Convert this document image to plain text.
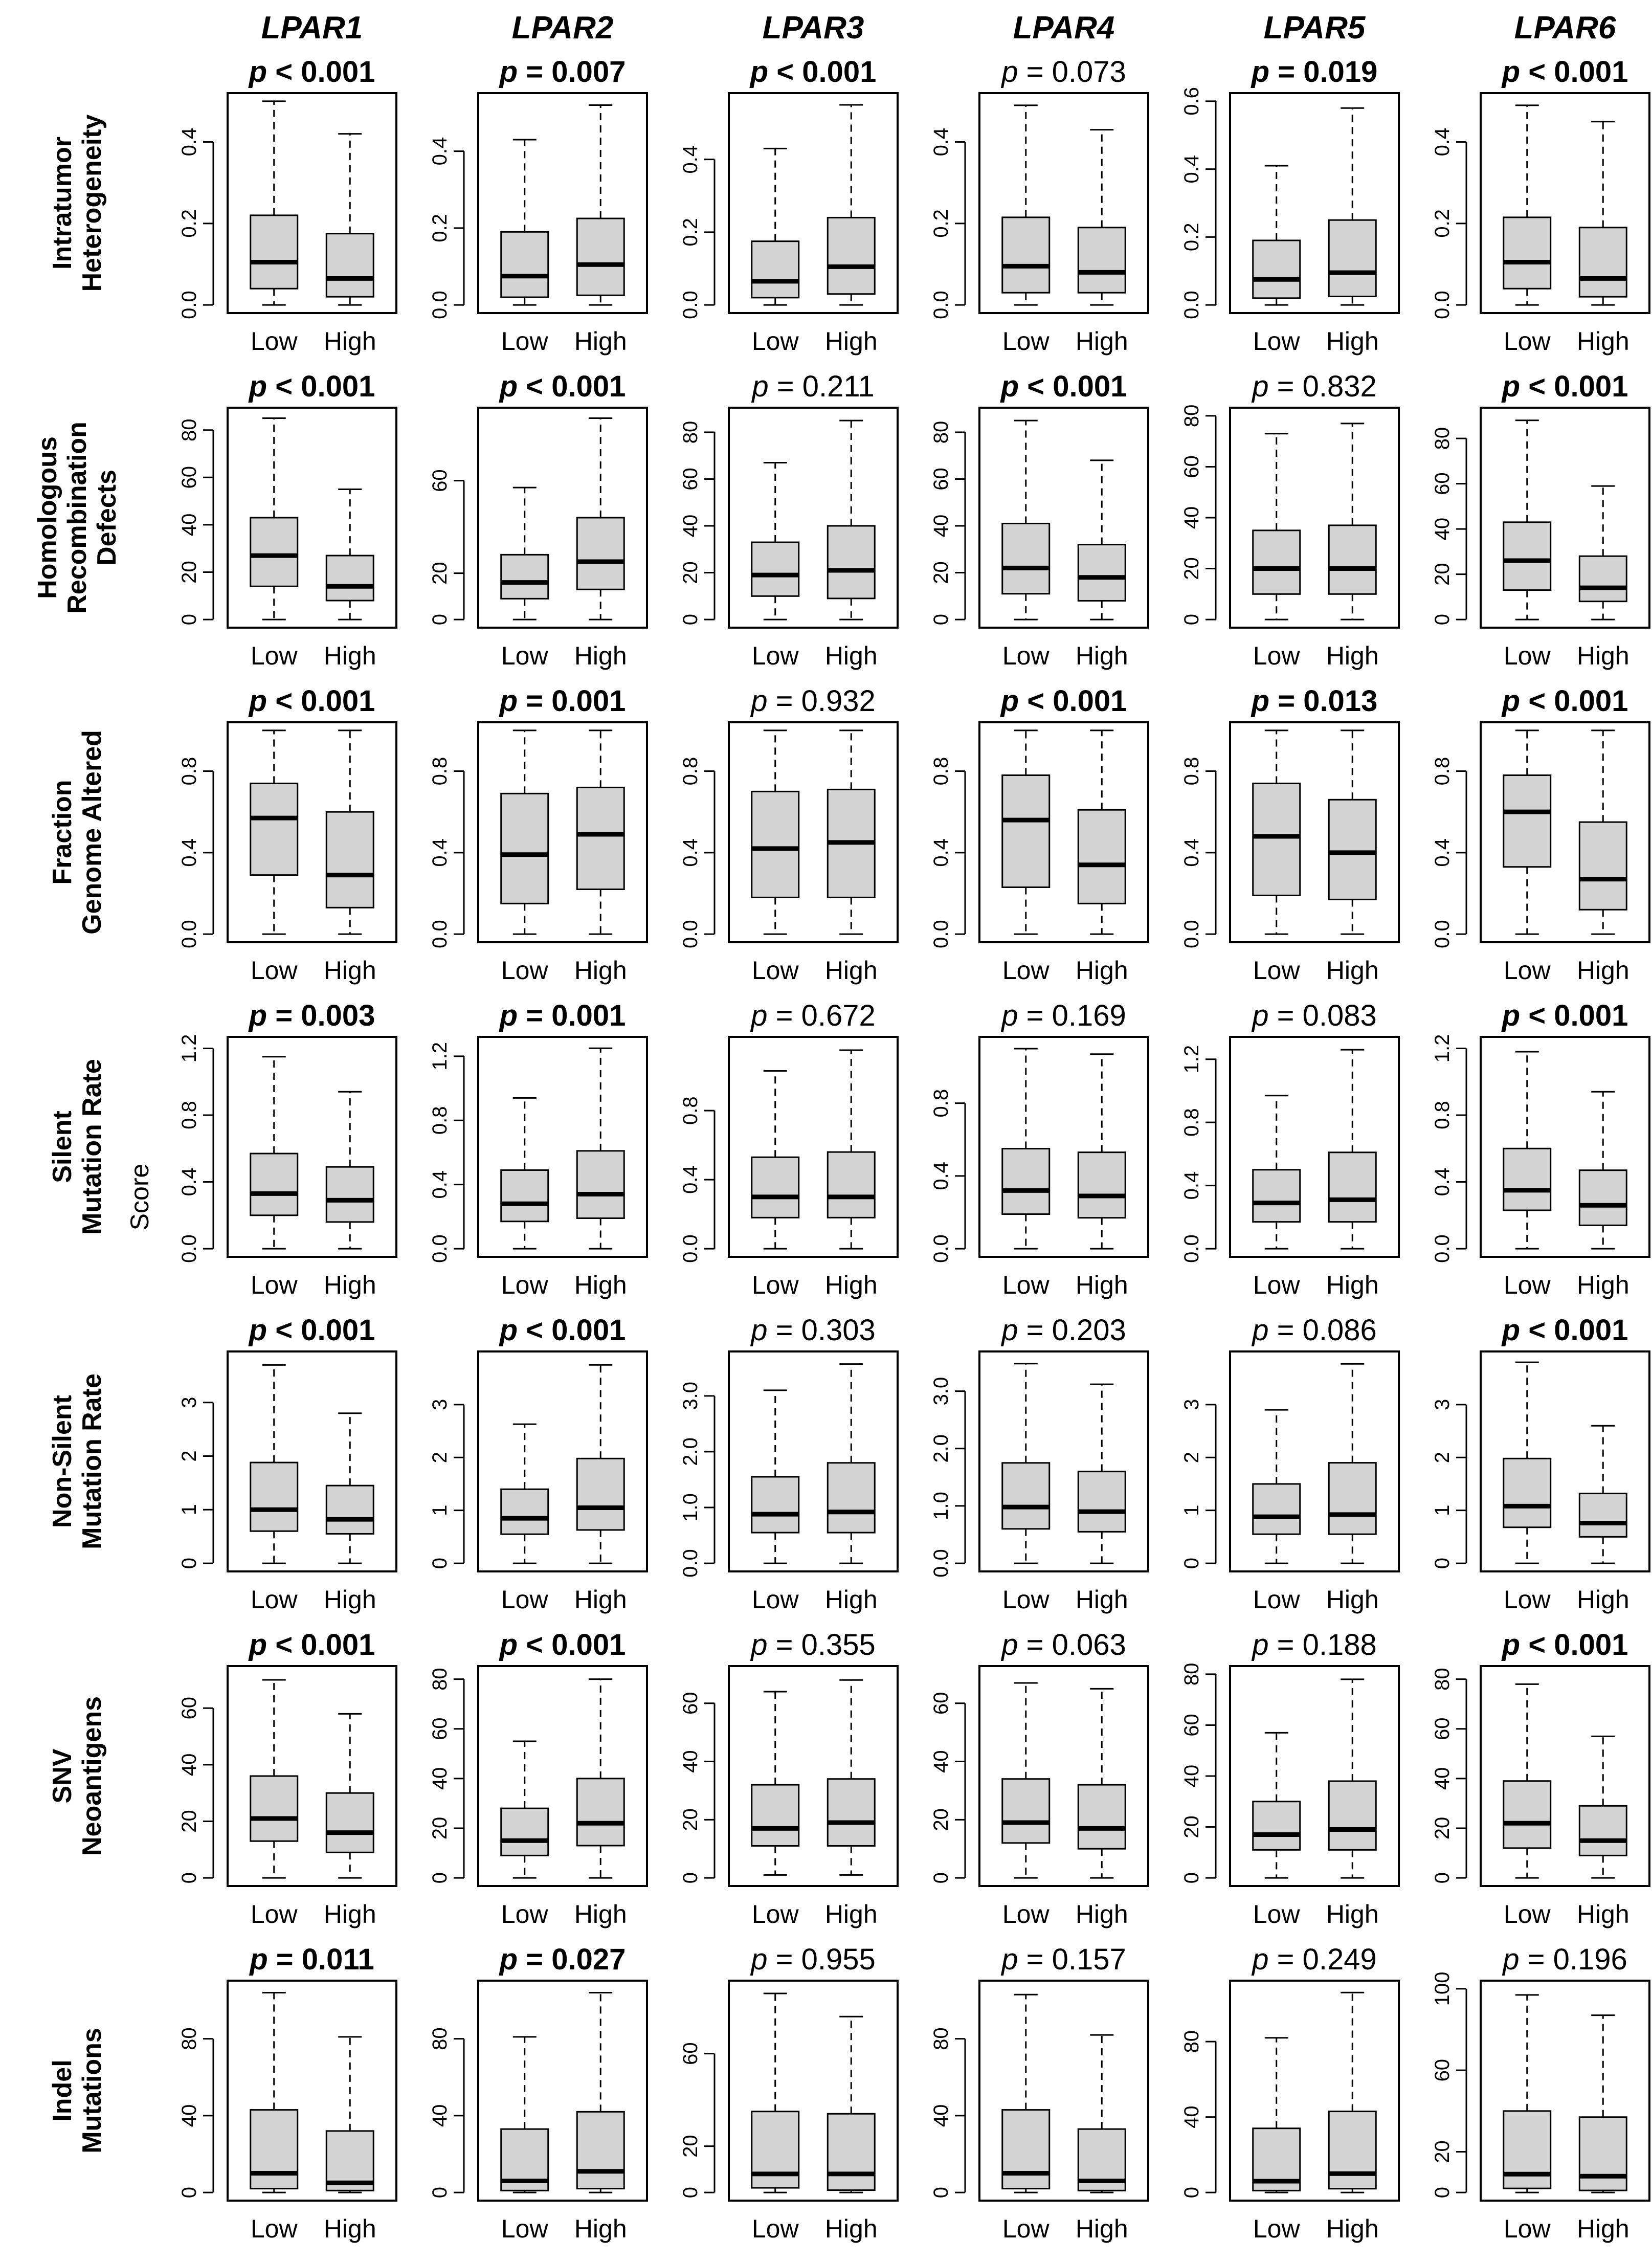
LPAR1	LPAR2	LPAR3	LPAR4	LPAR5	LPAR6
Intratumor Heterogeneity
Homologous Recombination Defects
Fraction Genome Altered
Silent Mutation Rate
Non-Silent Mutation Rate
SNV Neoantigens
Indel Mutations
Score
p < 0.001
0.0
0.2
0.4
Low High
p = 0.007
0.0
0.2
0.4
Low High
p < 0.001
0.0
0.2
0.4
Low High
p = 0.073
0.0
0.2
0.4
Low High
p = 0.019
0.0
0.2
0.4
0.6
Low High
p < 0.001
0.0
0.2
0.4
Low High
p < 0.001
0
20
40
60
80
Low High
p < 0.001
0
20
60
Low High
p = 0.211
0
20
40
60
80
Low High
p < 0.001
0
20
40
60
80
Low High
p = 0.832
0
20
40
60
80
Low High
p < 0.001
0
20
40
60
80
Low High
p < 0.001
0.0
0.4
0.8
Low High
p = 0.001
0.0
0.4
0.8
Low High
p = 0.932
0.0
0.4
0.8
Low High
p < 0.001
0.0
0.4
0.8
Low High
p = 0.013
0.0
0.4
0.8
Low High
p < 0.001
0.0
0.4
0.8
Low High
p = 0.003
0.0
0.4
0.8
1.2
Low High
p = 0.001
0.0
0.4
0.8
1.2
Low High
p = 0.672
0.0
0.4
0.8
Low High
p = 0.169
0.0
0.4
0.8
Low High
p = 0.083
0.0
0.4
0.8
1.2
Low High
p < 0.001
0.0
0.4
0.8
1.2
Low High
p < 0.001
0
1
2
3
Low High
p < 0.001
0
1
2
3
Low High
p = 0.303
0.0
1.0
2.0
3.0
Low High
p = 0.203
0.0
1.0
2.0
3.0
Low High
p = 0.086
0
1
2
3
Low High
p < 0.001
0
1
2
3
Low High
p < 0.001
0
20
40
60
Low High
p < 0.001
0
20
40
60
80
Low High
p = 0.355
0
20
40
60
Low High
p = 0.063
0
20
40
60
Low High
p = 0.188
0
20
40
60
80
Low High
p < 0.001
0
20
40
60
80
Low High
p = 0.011
0
40
80
Low High
p = 0.027
0
40
80
Low High
p = 0.955
0
20
60
Low High
p = 0.157
0
40
80
Low High
p = 0.249
0
40
80
Low High
p = 0.196
0
20
60
100
Low High
